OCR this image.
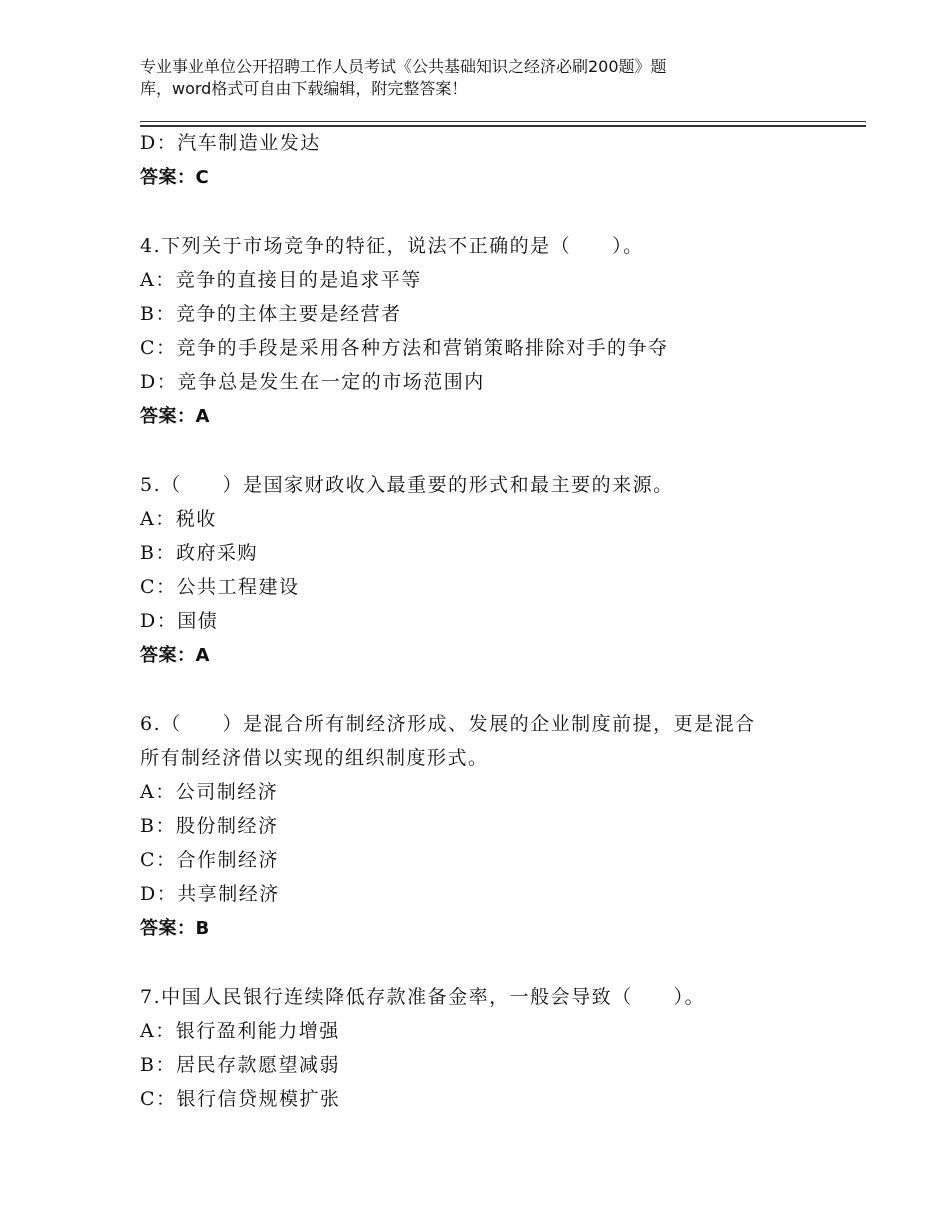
专业事业单位公开招聘工作人员考试《公共基础知识之经济必刷200题》题
库，word格式可自由下载编辑，附完整答案！
D：汽车制造业发达
答案：C
4.下列关于市场竞争的特征，说法不正确的是（　　）。
A：竞争的直接目的是追求平等
B：竞争的主体主要是经营者
C：竞争的手段是采用各种方法和营销策略排除对手的争夺
D：竞争总是发生在一定的市场范围内
答案：A
5.（　　）是国家财政收入最重要的形式和最主要的来源。
A：税收
B：政府采购
C：公共工程建设
D：国债
答案：A
6.（　　）是混合所有制经济形成、发展的企业制度前提，更是混合
所有制经济借以实现的组织制度形式。
A：公司制经济
B：股份制经济
C：合作制经济
D：共享制经济
答案：B
7.中国人民银行连续降低存款准备金率，一般会导致（　　）。
A：银行盈利能力增强
B：居民存款愿望减弱
C：银行信贷规模扩张
